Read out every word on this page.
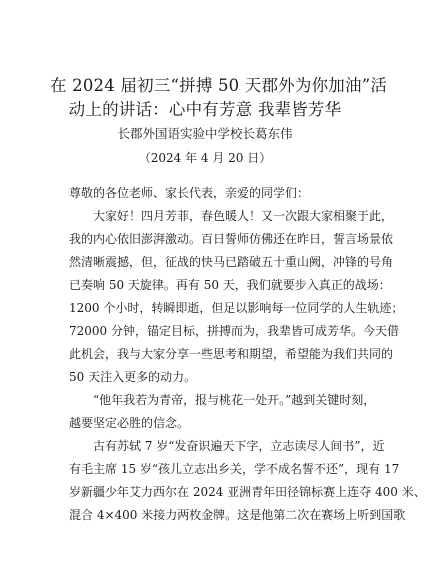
在 2024 届初三“拼搏 50 天郡外为你加油”活
动上的讲话：心中有芳意 我辈皆芳华
长郡外国语实验中学校长葛东伟
（2024 年 4 月 20 日）
尊敬的各位老师、家长代表，亲爱的同学们：
大家好！四月芳菲，春色暖人！又一次跟大家相聚于此，
我的内心依旧澎湃激动。百日誓师仿佛还在昨日，誓言场景依
然清晰震撼，但，征战的快马已踏破五十重山阙，冲锋的号角
已奏响 50 天旋律。再有 50 天，我们就要步入真正的战场：
1200 个小时，转瞬即逝，但足以影响每一位同学的人生轨迹；
72000 分钟，锚定目标，拼搏而为，我辈皆可成芳华。今天借
此机会，我与大家分享一些思考和期望，希望能为我们共同的
50 天注入更多的动力。
“他年我若为青帝，报与桃花一处开。”越到关键时刻，
越要坚定必胜的信念。
古有苏轼 7 岁“发奋识遍天下字，立志读尽人间书”，近
有毛主席 15 岁“孩儿立志出乡关，学不成名誓不还”，现有 17
岁新疆少年艾力西尔在 2024 亚洲青年田径锦标赛上连夺 400 米、
混合 4×400 米接力两枚金牌。这是他第二次在赛场上听到国歌
